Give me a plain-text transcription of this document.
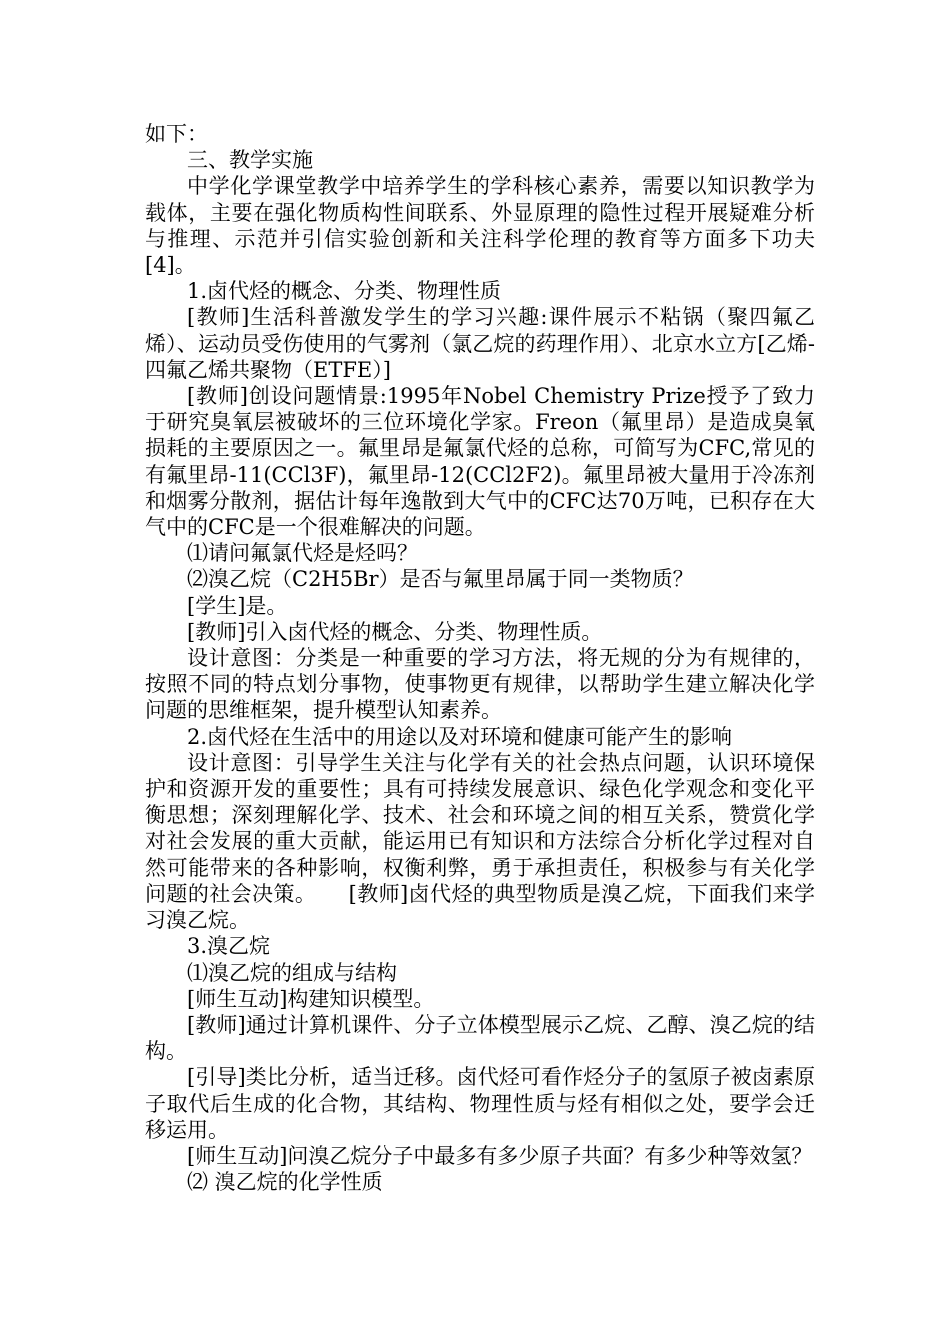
如下：

三、教学实施

中学化学课堂教学中培养学生的学科核心素养，需要以知识教学为载体，主要在强化物质构性间联系、外显原理的隐性过程开展疑难分析与推理、示范并引信实验创新和关注科学伦理的教育等方面多下功夫[4]。

1.卤代烃的概念、分类、物理性质

[教师]生活科普激发学生的学习兴趣:课件展示不粘锅（聚四氟乙烯）、运动员受伤使用的气雾剂（氯乙烷的药理作用）、北京水立方[乙烯-四氟乙烯共聚物（ETFE）]

[教师]创设问题情景:1995年Nobel Chemistry Prize授予了致力于研究臭氧层被破坏的三位环境化学家。Freon（氟里昂）是造成臭氧损耗的主要原因之一。氟里昂是氟氯代烃的总称，可简写为CFC,常见的有氟里昂-11(CCl3F)，氟里昂-12(CCl2F2)。氟里昂被大量用于冷冻剂和烟雾分散剂，据估计每年逸散到大气中的CFC达70万吨，已积存在大气中的CFC是一个很难解决的问题。

⑴请问氟氯代烃是烃吗？

⑵溴乙烷（C2H5Br）是否与氟里昂属于同一类物质？

[学生]是。

[教师]引入卤代烃的概念、分类、物理性质。

设计意图：分类是一种重要的学习方法，将无规的分为有规律的，按照不同的特点划分事物，使事物更有规律，以帮助学生建立解决化学问题的思维框架，提升模型认知素养。

2.卤代烃在生活中的用途以及对环境和健康可能产生的影响

设计意图：引导学生关注与化学有关的社会热点问题，认识环境保护和资源开发的重要性；具有可持续发展意识、绿色化学观念和变化平衡思想；深刻理解化学、技术、社会和环境之间的相互关系，赞赏化学对社会发展的重大贡献，能运用已有知识和方法综合分析化学过程对自然可能带来的各种影响，权衡利弊，勇于承担责任，积极参与有关化学问题的社会决策。　　[教师]卤代烃的典型物质是溴乙烷，下面我们来学习溴乙烷。

3.溴乙烷

⑴溴乙烷的组成与结构

[师生互动]构建知识模型。

[教师]通过计算机课件、分子立体模型展示乙烷、乙醇、溴乙烷的结构。

[引导]类比分析，适当迁移。卤代烃可看作烃分子的氢原子被卤素原子取代后生成的化合物，其结构、物理性质与烃有相似之处，要学会迁移运用。

[师生互动]问溴乙烷分子中最多有多少原子共面？有多少种等效氢？

⑵ 溴乙烷的化学性质
